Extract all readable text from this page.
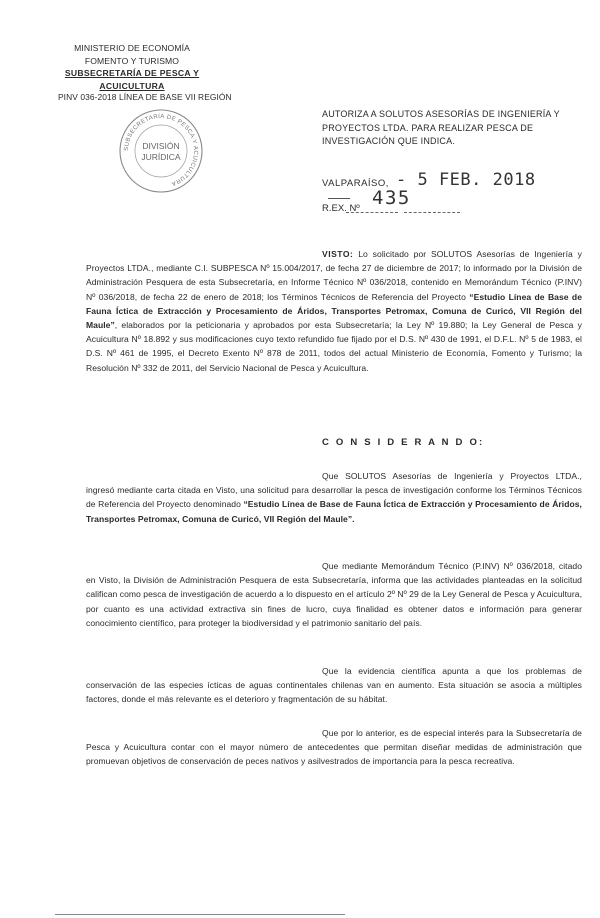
MINISTERIO DE ECONOMÍA
FOMENTO Y TURISMO
SUBSECRETARÍA DE PESCA Y ACUICULTURA
PINV 036-2018 LÍNEA DE BASE VII REGIÓN
SUBSECRETARÍA DE PESCA Y ACUICULTURA
DIVISIÓN
JURÍDICA
AUTORIZA A SOLUTOS ASESORÍAS DE INGENIERÍA Y PROYECTOS LTDA. PARA REALIZAR PESCA DE INVESTIGACIÓN QUE INDICA.
VALPARAÍSO, - 5 FEB. 2018
R.EX. Nº 435
VISTO: Lo solicitado por SOLUTOS Asesorías de Ingeniería y Proyectos LTDA., mediante C.I. SUBPESCA Nº 15.004/2017, de fecha 27 de diciembre de 2017; lo informado por la División de Administración Pesquera de esta Subsecretaría, en Informe Técnico Nº 036/2018, contenido en Memorándum Técnico (P.INV) Nº 036/2018, de fecha 22 de enero de 2018; los Términos Técnicos de Referencia del Proyecto “Estudio Línea de Base de Fauna Íctica de Extracción y Procesamiento de Áridos, Transportes Petromax, Comuna de Curicó, VII Región del Maule”, elaborados por la peticionaria y aprobados por esta Subsecretaría; la Ley Nº 19.880; la Ley General de Pesca y Acuicultura Nº 18.892 y sus modificaciones cuyo texto refundido fue fijado por el D.S. Nº 430 de 1991, el D.F.L. Nº 5 de 1983, el D.S. Nº 461 de 1995, el Decreto Exento Nº 878 de 2011, todos del actual Ministerio de Economía, Fomento y Turismo; la Resolución Nº 332 de 2011, del Servicio Nacional de Pesca y Acuicultura.
C O N S I D E R A N D O:
Que SOLUTOS Asesorías de Ingeniería y Proyectos LTDA., ingresó mediante carta citada en Visto, una solicitud para desarrollar la pesca de investigación conforme los Términos Técnicos de Referencia del Proyecto denominado “Estudio Línea de Base de Fauna Íctica de Extracción y Procesamiento de Áridos, Transportes Petromax, Comuna de Curicó, VII Región del Maule”.
Que mediante Memorándum Técnico (P.INV) Nº 036/2018, citado en Visto, la División de Administración Pesquera de esta Subsecretaría, informa que las actividades planteadas en la solicitud califican como pesca de investigación de acuerdo a lo dispuesto en el artículo 2º Nº 29 de la Ley General de Pesca y Acuicultura, por cuanto es una actividad extractiva sin fines de lucro, cuya finalidad es obtener datos e información para generar conocimiento científico, para proteger la biodiversidad y el patrimonio sanitario del país.
Que la evidencia científica apunta a que los problemas de conservación de las especies ícticas de aguas continentales chilenas van en aumento. Esta situación se asocia a múltiples factores, donde el más relevante es el deterioro y fragmentación de su hábitat.
Que por lo anterior, es de especial interés para la Subsecretaría de Pesca y Acuicultura contar con el mayor número de antecedentes que permitan diseñar medidas de administración que promuevan objetivos de conservación de peces nativos y asilvestrados de importancia para la pesca recreativa.
